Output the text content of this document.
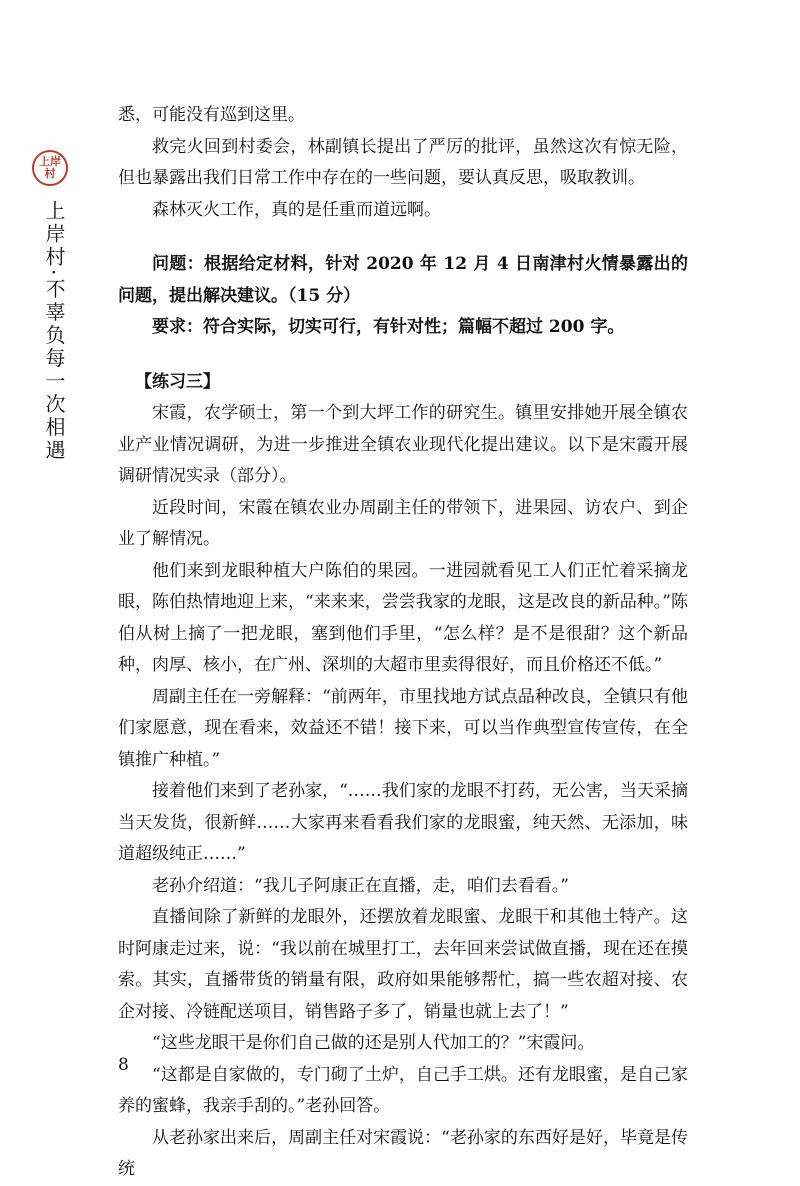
上岸村
上岸村·不辜负每一次相遇

悉，可能没有巡到这里。

救完火回到村委会，林副镇长提出了严厉的批评，虽然这次有惊无险，但也暴露出我们日常工作中存在的一些问题，要认真反思，吸取教训。

森林灭火工作，真的是任重而道远啊。

问题：根据给定材料，针对 2020 年 12 月 4 日南津村火情暴露出的问题，提出解决建议。（15 分）

要求：符合实际，切实可行，有针对性；篇幅不超过 200 字。

【练习三】

宋霞，农学硕士，第一个到大坪工作的研究生。镇里安排她开展全镇农业产业情况调研，为进一步推进全镇农业现代化提出建议。以下是宋霞开展调研情况实录（部分）。

近段时间，宋霞在镇农业办周副主任的带领下，进果园、访农户、到企业了解情况。

他们来到龙眼种植大户陈伯的果园。一进园就看见工人们正忙着采摘龙眼，陈伯热情地迎上来，“来来来，尝尝我家的龙眼，这是改良的新品种。”陈伯从树上摘了一把龙眼，塞到他们手里，“怎么样？是不是很甜？这个新品种，肉厚、核小，在广州、深圳的大超市里卖得很好，而且价格还不低。”

周副主任在一旁解释：“前两年，市里找地方试点品种改良，全镇只有他们家愿意，现在看来，效益还不错！接下来，可以当作典型宣传宣传，在全镇推广种植。”

接着他们来到了老孙家，“……我们家的龙眼不打药，无公害，当天采摘当天发货，很新鲜……大家再来看看我们家的龙眼蜜，纯天然、无添加，味道超级纯正……”

老孙介绍道：“我儿子阿康正在直播，走，咱们去看看。”

直播间除了新鲜的龙眼外，还摆放着龙眼蜜、龙眼干和其他土特产。这时阿康走过来，说：“我以前在城里打工，去年回来尝试做直播，现在还在摸索。其实，直播带货的销量有限，政府如果能够帮忙，搞一些农超对接、农企对接、冷链配送项目，销售路子多了，销量也就上去了！”

“这些龙眼干是你们自己做的还是别人代加工的？”宋霞问。

“这都是自家做的，专门砌了土炉，自己手工烘。还有龙眼蜜，是自己家养的蜜蜂，我亲手刮的。”老孙回答。

从老孙家出来后，周副主任对宋霞说：“老孙家的东西好是好，毕竟是传统

8
